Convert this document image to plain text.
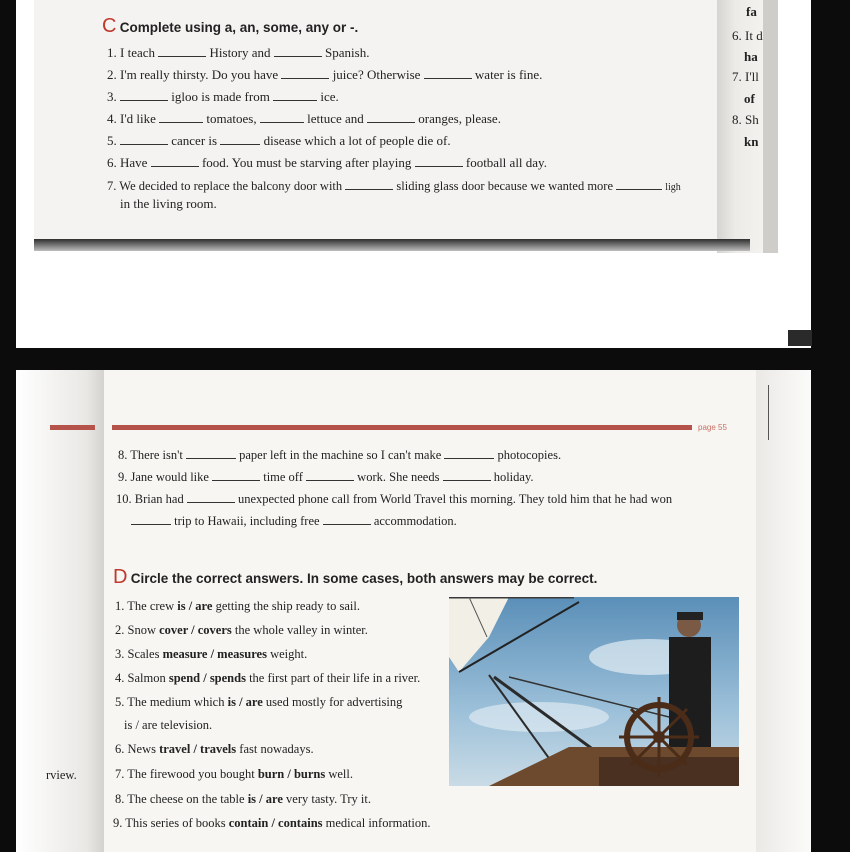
C Complete using a, an, some, any or -.
1. I teach	History and	Spanish.
2. I'm really thirsty. Do you have	juice? Otherwise	water is fine.
3.	igloo is made from	ice.
4. I'd like	tomatoes,	lettuce and	oranges, please.
5.	cancer is	disease which a lot of people die of.
6. Have	food. You must be starving after playing	football all day.
7. We decided to replace the balcony door with	sliding glass door because we wanted more	ligh
in the living room.
fa
6. It d
ha
7. I'll
of
8. Sh
kn
page 55
8. There isn't	paper left in the machine so I can't make	photocopies.
9. Jane would like	time off	work. She needs	holiday.
10. Brian had	unexpected phone call from World Travel this morning. They told him that he had won
trip to Hawaii, including free	accommodation.
D Circle the correct answers. In some cases, both answers may be correct.
1. The crew is / are getting the ship ready to sail.
2. Snow cover / covers the whole valley in winter.
3. Scales measure / measures weight.
4. Salmon spend / spends the first part of their life in a river.
5. The medium which is / are used mostly for advertising
is / are television.
6. News travel / travels fast nowadays.
7. The firewood you bought burn / burns well.
8. The cheese on the table is / are very tasty. Try it.
9. This series of books contain / contains medical information.
rview.
